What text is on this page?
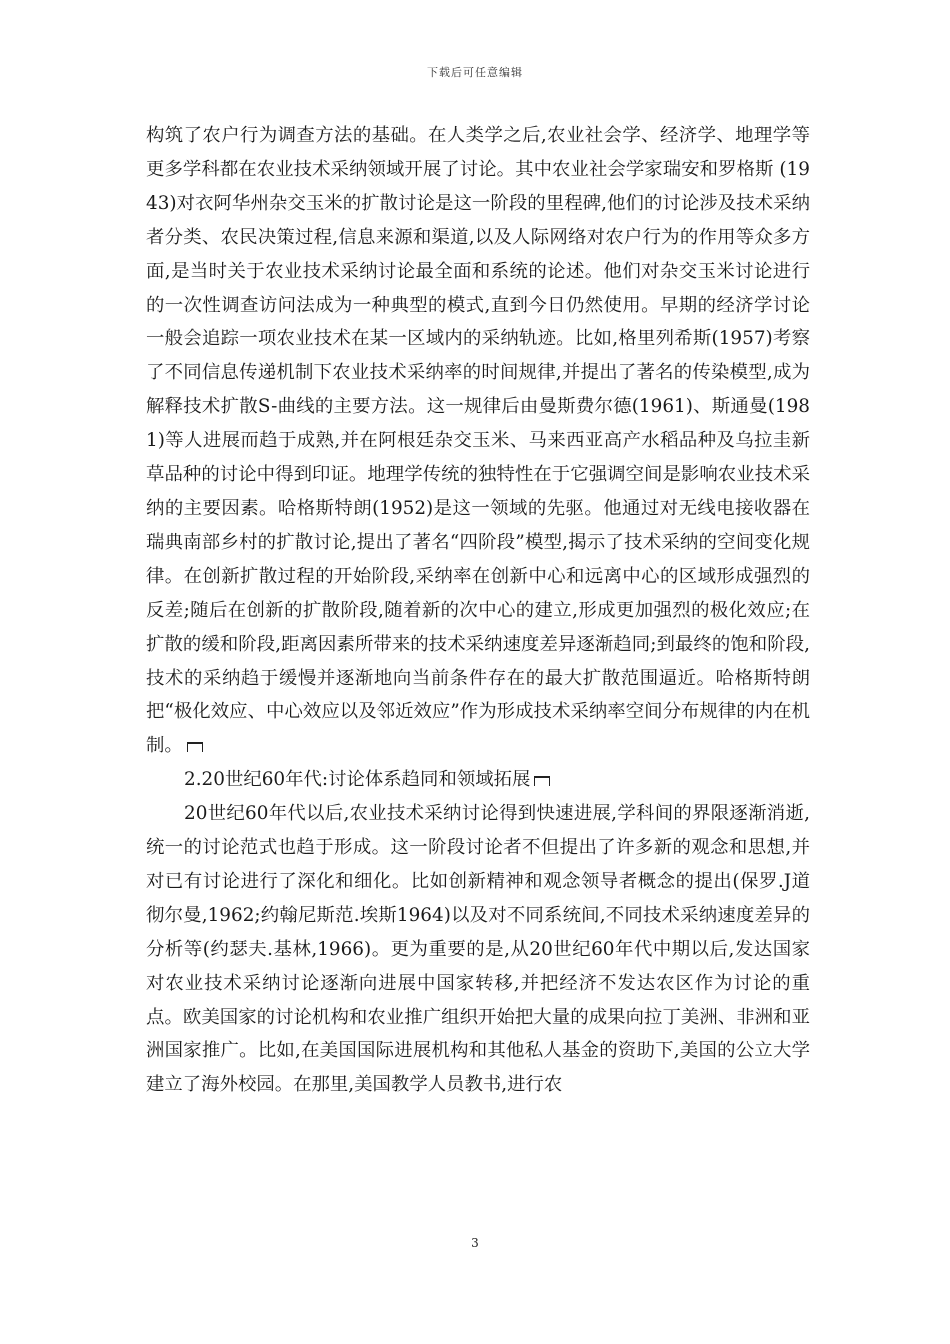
下载后可任意编辑

构筑了农户行为调查方法的基础。在人类学之后,农业社会学、经济学、地理学等更多学科都在农业技术采纳领域开展了讨论。其中农业社会学家瑞安和罗格斯 (1943)对衣阿华州杂交玉米的扩散讨论是这一阶段的里程碑,他们的讨论涉及技术采纳者分类、农民决策过程,信息来源和渠道,以及人际网络对农户行为的作用等众多方面,是当时关于农业技术采纳讨论最全面和系统的论述。他们对杂交玉米讨论进行的一次性调查访问法成为一种典型的模式,直到今日仍然使用。早期的经济学讨论一般会追踪一项农业技术在某一区域内的采纳轨迹。比如,格里列希斯(1957)考察了不同信息传递机制下农业技术采纳率的时间规律,并提出了著名的传染模型,成为解释技术扩散S-曲线的主要方法。这一规律后由曼斯费尔德(1961)、斯通曼(1981)等人进展而趋于成熟,并在阿根廷杂交玉米、马来西亚高产水稻品种及乌拉圭新草品种的讨论中得到印证。地理学传统的独特性在于它强调空间是影响农业技术采纳的主要因素。哈格斯特朗(1952)是这一领域的先驱。他通过对无线电接收器在瑞典南部乡村的扩散讨论,提出了著名“四阶段”模型,揭示了技术采纳的空间变化规律。在创新扩散过程的开始阶段,采纳率在创新中心和远离中心的区域形成强烈的反差;随后在创新的扩散阶段,随着新的次中心的建立,形成更加强烈的极化效应;在扩散的缓和阶段,距离因素所带来的技术采纳速度差异逐渐趋同;到最终的饱和阶段,技术的采纳趋于缓慢并逐渐地向当前条件存在的最大扩散范围逼近。哈格斯特朗把“极化效应、中心效应以及邻近效应”作为形成技术采纳率空间分布规律的内在机制。

2.20世纪60年代:讨论体系趋同和领域拓展

20世纪60年代以后,农业技术采纳讨论得到快速进展,学科间的界限逐渐消逝,统一的讨论范式也趋于形成。这一阶段讨论者不但提出了许多新的观念和思想,并对已有讨论进行了深化和细化。比如创新精神和观念领导者概念的提出(保罗.J道彻尔曼,1962;约翰尼斯范.埃斯1964)以及对不同系统间,不同技术采纳速度差异的分析等(约瑟夫.基林,1966)。更为重要的是,从20世纪60年代中期以后,发达国家对农业技术采纳讨论逐渐向进展中国家转移,并把经济不发达农区作为讨论的重点。欧美国家的讨论机构和农业推广组织开始把大量的成果向拉丁美洲、非洲和亚洲国家推广。比如,在美国国际进展机构和其他私人基金的资助下,美国的公立大学建立了海外校园。在那里,美国教学人员教书,进行农

3
